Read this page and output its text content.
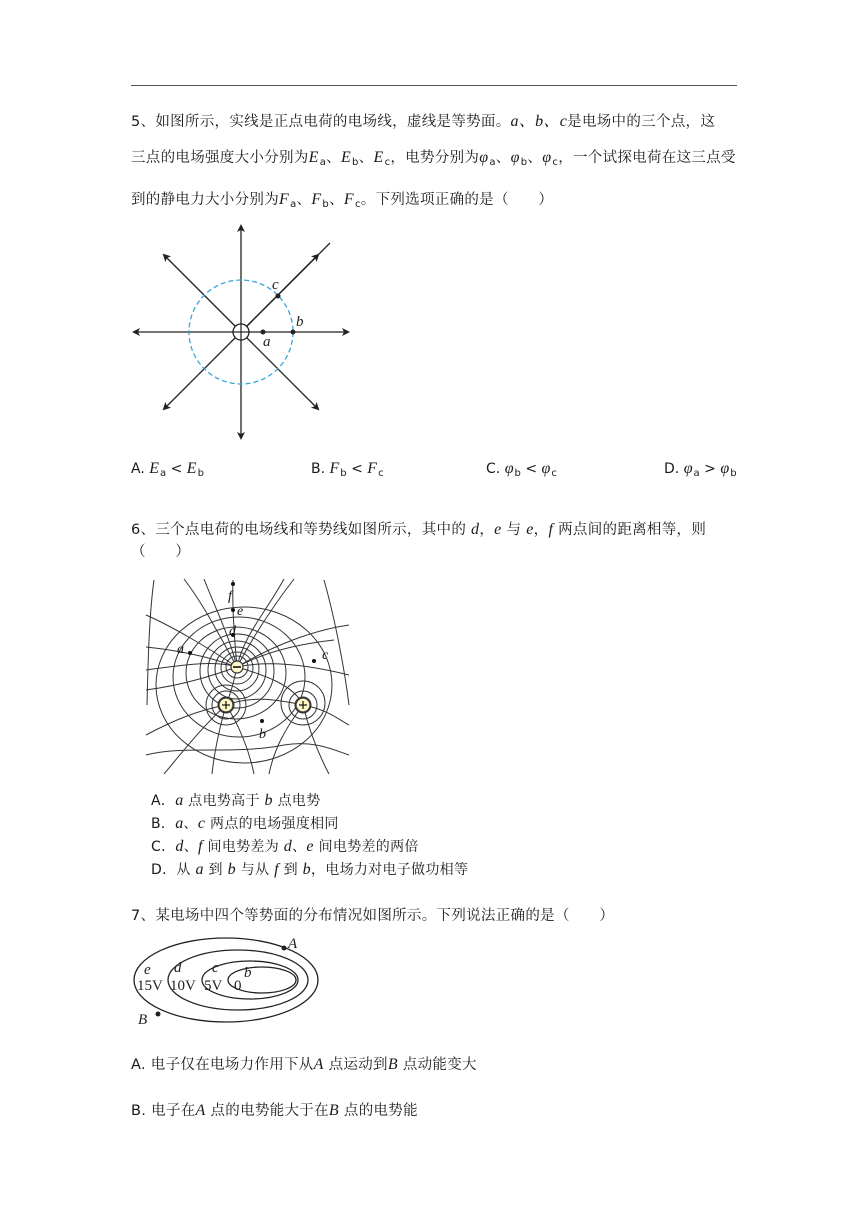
5、如图所示，实线是正点电荷的电场线，虚线是等势面。a、b、c是电场中的三个点，这
三点的电场强度大小分别为$E_a$、$E_b$、$E_c$，电势分别为$\varphi_a$、$\varphi_b$、$\varphi_c$，一个试探电荷在这三点受
到的静电力大小分别为$F_a$、$F_b$、$F_c$。下列选项正确的是（　　）
a
b
c
A. $E_a < E_b$	B. $F_b < F_c$	C. $\varphi_b < \varphi_c$	D. $\varphi_a > \varphi_b$
6、三个点电荷的电场线和等势线如图所示，其中的 d，e 与 e，f 两点间的距离相等，则
（　　）
f
e
d
a
b
c
A．a 点电势高于 b 点电势
B．a、c 两点的电场强度相同
C．d、f 间电势差为 d、e 间电势差的两倍
D．从 a 到 b 与从 f 到 b，电场力对电子做功相等
7、某电场中四个等势面的分布情况如图所示。下列说法正确的是（　　）
A
B
e d c b
15V 10V 5V 0
A. 电子仅在电场力作用下从A 点运动到B 点动能变大
B. 电子在A 点的电势能大于在B 点的电势能
